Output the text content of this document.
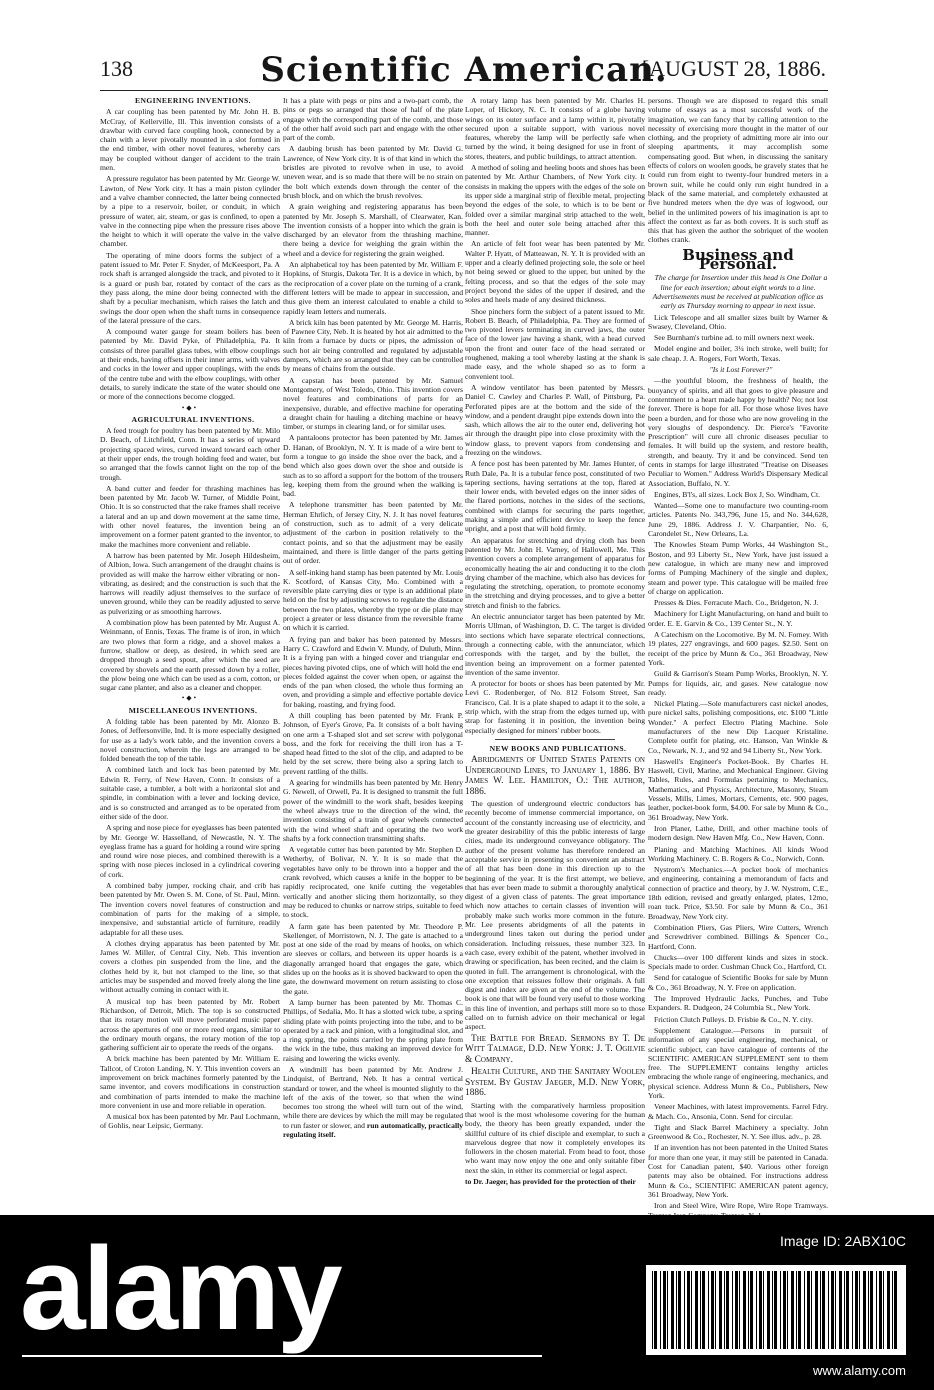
138	Scientific American.
[AUGUST 28, 1886.

ENGINEERING INVENTIONS.

A car coupling has been patented by Mr. John H. B. McCray, of Kellerville, Ill. This invention consists of a drawbar with curved face coupling hook, connected by a chain with a lever pivotally mounted in a slot formed in the end timber, with other novel features, whereby cars may be coupled without danger of accident to the train men.

A pressure regulator has been patented by Mr. George W. Lawton, of New York city. It has a main piston cylinder and a valve chamber connected, the latter being connected by a pipe to a reservoir, boiler, or conduit, in which pressure of water, air, steam, or gas is confined, to open a valve in the connecting pipe when the pressure rises above the height to which it will operate the valve in the valve chamber.

The operating of mine doors forms the subject of a patent issued to Mr. Peter F. Snyder, of McKeesport, Pa. A rock shaft is arranged alongside the track, and pivoted to it is a guard or push bar, rotated by contact of the cars as they pass along, the mine door being connected with the shaft by a peculiar mechanism, which raises the latch and swings the door open when the shaft turns in consequence of the lateral pressure of the cars.

A compound water gauge for steam boilers has been patented by Mr. David Pyke, of Philadelphia, Pa. It consists of three parallel glass tubes, with elbow couplings at their ends, having offsets in their inner arms, with valves and cocks in the lower and upper couplings, with the ends of the centre tube and with the elbow couplings, with other details, to surely indicate the state of the water should one or more of the connections become clogged.

•◆•

AGRICULTURAL INVENTIONS.

A feed trough for poultry has been patented by Mr. Milo D. Beach, of Litchfield, Conn. It has a series of upward projecting spaced wires, curved inward toward each other at their upper ends, the trough holding feed and water, but so arranged that the fowls cannot light on the top of the trough.

A band cutter and feeder for thrashing machines has been patented by Mr. Jacob W. Turner, of Middle Point, Ohio. It is so constructed that the rake frames shall receive a lateral and an up and down movement at the same time, with other novel features, the invention being an improvement on a former patent granted to the inventor, to make the machines more convenient and reliable.

A harrow has been patented by Mr. Joseph Hildesheim, of Albion, Iowa. Such arrangement of the draught chains is provided as will make the harrow either vibrating or non-vibrating, as desired; and the construction is such that the harrows will readily adjust themselves to the surface of uneven ground, while they can be readily adjusted to serve as pulverizing or as smoothing harrows.

A combination plow has been patented by Mr. August A. Weinmann, of Ennis, Texas. The frame is of iron, in which are two plows that form a ridge, and a shovel makes a furrow, shallow or deep, as desired, in which seed are dropped through a seed spout, after which the seed are covered by shovels and the earth pressed down by a roller, the plow being one which can be used as a corn, cotton, or sugar cane planter, and also as a cleaner and chopper.

•◆•

MISCELLANEOUS INVENTIONS.

A folding table has been patented by Mr. Alonzo B. Jones, of Jeffersonville, Ind. It is more especially designed for use as a lady's work table, and the invention covers a novel construction, wherein the legs are arranged to be folded beneath the top of the table.

A combined latch and lock has been patented by Mr. Edwin R. Ferry, of New Haven, Conn. It consists of a suitable case, a tumbler, a bolt with a horizontal slot and spindle, in combination with a lever and locking device, and is so constructed and arranged as to be operated from either side of the door.

A spring and nose piece for eyeglasses has been patented by Mr. George W. Hasselland, of Newcastle, N. Y. The eyeglass frame has a guard for holding a round wire spring and round wire nose pieces, and combined therewith is a spring with nose pieces inclosed in a cylindrical covering of cork.

A combined baby jumper, rocking chair, and crib has been patented by Mr. Owen S. M. Cone, of St. Paul, Minn. The invention covers novel features of construction and combination of parts for the making of a simple, inexpensive, and substantial article of furniture, readily adaptable for all these uses.

A clothes drying apparatus has been patented by Mr. James W. Miller, of Central City, Neb. This invention covers a clothes pin suspended from the line, and the clothes held by it, but not clamped to the line, so that articles may be suspended and moved freely along the line without actually coming in contact with it.

A musical top has been patented by Mr. Robert Richardson, of Detroit, Mich. The top is so constructed that its rotary motion will move perforated music paper across the apertures of one or more reed organs, similar to the ordinary mouth organs, the rotary motion of the top gathering sufficient air to operate the reeds of the organs.

A brick machine has been patented by Mr. William E. Tallcot, of Croton Landing, N. Y. This invention covers an improvement on brick machines formerly patented by the same inventor, and covers modifications in construction and combination of parts intended to make the machine more convenient in use and more reliable in operation.

A musical box has been patented by Mr. Paul Lochmann, of Gohlis, near Leipsic, Germany.

It has a plate with pegs or pins and a two-part comb, the pins or pegs so arranged that those of half of the plate engage with the corresponding part of the comb, and those of the other half avoid such part and engage with the other part of the comb.

A daubing brush has been patented by Mr. David G. Lawrence, of New York city. It is of that kind in which the bristles are pivoted to revolve when in use, to avoid uneven wear, and is so made that there will be no strain on the bolt which extends down through the center of the brush block, and on which the brush revolves.

A grain weighing and registering apparatus has been patented by Mr. Joseph S. Marshall, of Clearwater, Kan. The invention consists of a hopper into which the grain is discharged by an elevator from the thrashing machine, there being a device for weighing the grain within the wheel and a device for registering the grain weighed.

An alphabetical toy has been patented by Mr. William F. Hopkins, of Sturgis, Dakota Ter. It is a device in which, by the reciprocation of a cover plate on the turning of a crank, different letters will be made to appear in succession, and thus give them an interest calculated to enable a child to rapidly learn letters and numerals.

A brick kiln has been patented by Mr. George M. Harris, of Pawnee City, Neb. It is heated by hot air admitted to the kiln from a furnace by ducts or pipes, the admission of such hot air being controlled and regulated by adjustable dampers, which are so arranged that they can be controlled by means of chains from the outside.

A capstan has been patented by Mr. Samuel Montgomery, of West Toledo, Ohio. This invention covers novel features and combinations of parts for an inexpensive, durable, and effective machine for operating a draught chain for hauling a ditching machine or heavy timber, or stumps in clearing land, or for similar uses.

A pantaloons protector has been patented by Mr. James D. Hanan, of Brooklyn, N. Y. It is made of a wire bent to form a tongue to go inside the shoe over the back, and a bend which also goes down over the shoe and outside is such as to so afford a support for the bottom of the trousers leg, keeping them from the ground when the walking is bad.

A telephone transmitter has been patented by Mr. Herman Ehrlich, of Jersey City, N. J. It has novel features of construction, such as to admit of a very delicate adjustment of the carbon in position relatively to the contact points, and so that the adjustment may be easily maintained, and there is little danger of the parts getting out of order.

A self-inking hand stamp has been patented by Mr. Louis K. Scotford, of Kansas City, Mo. Combined with a reversible plate carrying dies or type is an additional plate held on the frst by adjusting screws to regulate the distance between the two plates, whereby the type or die plate may project a greater or less distance from the reversible frame on which it is carried.

A frying pan and baker has been patented by Messrs. Harry C. Crawford and Edwin V. Mundy, of Duluth, Minn. It is a frying pan with a hinged cover and triangular end pieces having pivoted clips, one of which will hold the end pieces folded against the cover when open, or against the ends of the pan when closed, the whole thus forming an oven, and providing a simple and effective portable device for baking, roasting, and frying food.

A thill coupling has been patented by Mr. Frank P. Johnson, of Eyer's Grove, Pa. It consists of a bolt having on one arm a T-shaped slot and set screw with polygonal boss, and the fork for receiving the thill iron has a T-shaped head fitted to the slot of the clip, and adapted to be held by the set screw, there being also a spring latch to prevent rattling of the thills.

A gearing for windmills has been patented by Mr. Henry G. Newell, of Orwell, Pa. It is designed to transmit the full power of the windmill to the work shaft, besides keeping the wheel always true to the direction of the wind, the invention consisting of a train of gear wheels connected with the wind wheel shaft and operating the two work shafts by a fork connection transmitting shafts.

A vegetable cutter has been patented by Mr. Stephen D. Wetherby, of Bolivar, N. Y. It is so made that the vegetables have only to be thrown into a hopper and the crank revolved, which causes a knife in the hopper to be rapidly reciprocated, one knife cutting the vegetables vertically and another slicing them horizontally, so they may be reduced to chunks or narrow strips, suitable to feed to stock.

A farm gate has been patented by Mr. Theodore P. Skellenger, of Morristown, N. J. The gate is attached to a post at one side of the road by means of hooks, on which are sleeves or collars, and between its upper hoards is a diagonally arranged hoard that engages the gate, which slides up on the hooks as it is shoved backward to open the gate, the downward movement on return assisting to close the gate.

A lamp burner has been patented by Mr. Thomas C. Phillips, of Sedalia, Mo. It has a slotted wick tube, a spring sliding plate with points projecting into the tube, and to be operated by a rack and pinion, with a longitudinal slot, and a ring spring, the points carried by the spring plate from the wick in the tube, thus making an improved device for raising and lowering the wicks evenly.

A windmill has been patented by Mr. Andrew J. Lindquist, of Bertrand, Neb. It has a central vertical standard or tower, and the wheel is mounted slightly to the left of the axis of the tower, so that when the wind becomes too strong the wheel will turn out of the wind, while there are devices by which the mill may be regulated to run faster or slower, and run automatically, practically regulating itself.

A rotary lamp has been patented by Mr. Charles H. Loper, of Hickory, N. C. It consists of a globe having wings on its outer surface and a lamp within it, pivotally secured upon a suitable support, with various novel features, whereby the lamp will be perfectly safe when turned by the wind, it being designed for use in front of stores, theaters, and public buildings, to attract attention.

A method of soling and heeling boots and shoes has been patented by Mr. Arthur Chambers, of New York city. It consists in making the uppers with the edges of the sole on its upper side a marginal strip of flexible metal, projecting beyond the edges of the sole, to which is to be bent or folded over a similar marginal strip attached to the welt, both the heel and outer sole being attached after this manner.

An article of felt foot wear has been patented by Mr. Walter P. Hyatt, of Matteawan, N. Y. It is provided with an upper and a clearly defined projecting sole, the sole or heel not being sewed or glued to the upper, but united by the felting process, and so that the edges of the sole may project beyond the sides of the upper if desired, and the soles and heels made of any desired thickness.

Shoe pinchers form the subject of a patent issued to Mr. Robert B. Beach, of Philadelphia, Pa. They are formed of two pivoted levers terminating in curved jaws, the outer face of the lower jaw having a shank, with a head curved upon the front and outer face of the head serrated or roughened, making a tool whereby lasting at the shank is made easy, and the whole shaped so as to form a convenient tool.

A window ventilator has been patented by Messrs. Daniel C. Cawley and Charles P. Wall, of Pittsburg, Pa. Perforated pipes are at the bottom and the side of the window, and a pendent draught pipe extends down into the sash, which allows the air to the outer end, delivering hot air through the draught pipe into close proximity with the window glass, to prevent vapors from condensing and freezing on the windows.

A fence post has been patented by Mr. James Hunter, of Ruth Dale, Pa. It is a tubular fence post, constituted of two tapering sections, having serrations at the top, flared at their lower ends, with beveled edges on the inner sides of the flared portions, notches in the sides of the sections, combined with clamps for securing the parts together, making a simple and efficient device to keep the fence upright, and a post that will hold firmly.

An apparatus for stretching and drying cloth has been patented by Mr. John H. Varney, of Hallowell, Me. This invention covers a complete arrangement of apparatus for economically heating the air and conducting it to the cloth drying chamber of the machine, which also has devices for regulating the stretching, operation, to promote economy in the stretching and drying processes, and to give a better stretch and finish to the fabrics.

An electric annunciator target has been patented by Mr. Morris Ullman, of Washington, D. C. The target is divided into sections which have separate electrical connections, through a connecting cable, with the annunciator, which corresponds with the target, and by the bullet, the invention being an improvement on a former patented invention of the same inventor.

A protector for boots or shoes has been patented by Mr. Levi C. Rodenberger, of No. 812 Folsom Street, San Francisco, Cal. It is a plate shaped to adapt it to the sole, a strip which, with the strap from the edges turned up, with strap for fastening it in position, the invention being especially designed for miners' rubber boots.

NEW BOOKS AND PUBLICATIONS.

Abridgments of United States Patents on Underground Lines, to January 1, 1886. By James W. Lee. Hamilton, O.: The author, 1886.

The question of underground electric conductors has recently become of immense commercial importance, on account of the constantly increasing use of electricity, and the greater desirability of this the public interests of large cities, made its underground conveyance obligatory. The author of the present volume has therefore rendered an acceptable service in presenting so convenient an abstract of all that has been done in this direction up to the beginning of the year. It is the first attempt, we believe, that has ever been made to submit a thoroughly analytical digest of a given class of patents. The great importance which now attaches to certain classes of invention will probably make such works more common in the future. Mr. Lee presents abridgments of all the patents in underground lines taken out during the period under consideration. Including reissues, these number 323. In each case, every exhibit of the patent, whether involved in drawing or specification, has been recited, and the claim is quoted in full. The arrangement is chronological, with the one exception that reissues follow their originals. A full digest and index are given at the end of the volume. The book is one that will be found very useful to those working in this line of invention, and perhaps still more so to those called on to furnish advice on their mechanical or legal aspect.

The Battle for Bread. Sermons by T. De Witt Talmage, D.D. New York: J. T. Ogilvie & Company.

Health Culture, and the Sanitary Woolen System. By Gustav Jaeger, M.D. New York, 1886.

Starting with the comparatively harmless proposition that wool is the most wholesome covering for the human body, the theory has been greatly expanded, under the skillful culture of its chief disciple and exemplar, to such a marvelous degree that now it completely envelopes its followers in the chosen material. From head to foot, those who want may now enjoy the one and only suitable fiber next the skin, in either its commercial or legal aspect.

to Dr. Jaeger, has provided for the protection of their

persons. Though we are disposed to regard this small volume of essays as a most successful work of the imagination, we can fancy that by calling attention to the necessity of exercising more thought in the matter of our clothing, and the propriety of admitting more air into our sleeping apartments, it may accomplish some compensating good. But when, in discussing the sanitary effects of colors on woolen goods, he gravely states that he could run from eight to twenty-four hundred meters in a brown suit, while he could only run eight hundred in a black of the same material, and completely exhausted at five hundred meters when the dye was of logwood, our belief in the unlimited powers of his imagination is apt to affect the context as far as both covers. It is such stuff as this that has given the author the sobriquet of the woolen clothes crank.

Business and Personal.

The charge for Insertion under this head is One Dollar a line for each insertion; about eight words to a line. Advertisements must be received at publication office as early as Thursday morning to appear in next issue.

Lick Telescope and all smaller sizes built by Warner & Swasey, Cleveland, Ohio.

See Burnham's turbine ad. to mill owners next week.

Model engine and boiler, 3¼ inch stroke, well built; for sale cheap. J. A. Rogers, Fort Worth, Texas.

"Is it Lost Forever?"

—the youthful bloom, the freshness of health, the buoyancy of spirits, and all that goes to give pleasure and contentment to a heart made happy by health? No; not lost forever. There is hope for all. For those whose lives have been a burden, and for those who are now groveling in the very sloughs of despondency. Dr. Pierce's "Favorite Prescription" will cure all chronic diseases peculiar to females. It will build up the system, and restore health, strength, and beauty. Try it and be convinced. Send ten cents in stamps for large illustrated "Treatise on Diseases Peculiar to Women." Address World's Dispensary Medical Association, Buffalo, N. Y.

Engines, B'l's, all sizes. Lock Box J, So. Windham, Ct.

Wanted—Some one to manufacture two counting-room articles. Patents No. 343,796, June 15, and No. 344,628, June 29, 1886. Address J. V. Charpantier, No. 6, Carondelet St., New Orleans, La.

The Knowles Steam Pump Works, 44 Washington St., Boston, and 93 Liberty St., New York, have just issued a new catalogue, in which are many new and improved forms of Pumping Machinery of the single and duplex, steam and power type. This catalogue will be mailed free of charge on application.

Presses & Dies. Ferracute Mach. Co., Bridgeton, N. J.

Machinery for Light Manufacturing, on hand and built to order. E. E. Garvin & Co., 139 Center St., N. Y.

A Catechism on the Locomotive. By M. N. Forney. With 19 plates, 227 engravings, and 600 pages. $2.50. Sent on receipt of the price by Munn & Co., 361 Broadway, New York.

Guild & Garrison's Steam Pump Works, Brooklyn, N. Y. Pumps for liquids, air, and gases. New catalogue now ready.

Nickel Plating.—Sole manufacturers cast nickel anodes, pure nickel salts, polishing compositions, etc. $100 "Little Wonder." A perfect Electro Plating Machine. Sole manufacturers of the new Dip Lacquer Kristaline. Complete outfit for plating, etc. Hanson, Van Winkle & Co., Newark, N. J., and 92 and 94 Liberty St., New York.

Haswell's Engineer's Pocket-Book. By Charles H. Haswell, Civil, Marine, and Mechanical Engineer. Giving Tables, Rules, and Formulas pertaining to Mechanics, Mathematics, and Physics, Architecture, Masonry, Steam Vessels, Mills, Limes, Mortars, Cements, etc. 900 pages, leather, pocket-book form, $4.00. For sale by Munn & Co., 361 Broadway, New York.

Iron Planer, Lathe, Drill, and other machine tools of modern design. New Haven Mfg. Co., New Haven, Conn.

Planing and Matching Machines. All kinds Wood Working Machinery. C. B. Rogers & Co., Norwich, Conn.

Nystrom's Mechanics.—A pocket book of mechanics and engineering, containing a memorandum of facts and connection of practice and theory, by J. W. Nystrom, C.E., 18th edition, revised and greatly enlarged, plates, 12mo, roan tuck. Price, $3.50. For sale by Munn & Co., 361 Broadway, New York city.

Combination Pliers, Gas Pliers, Wire Cutters, Wrench and Screwdriver combined. Billings & Spencer Co., Hartford, Conn.

Chucks—over 100 different kinds and sizes in stock. Specials made to order. Cushman Chuck Co., Hartford, Ct.

Send for catalogue of Scientific Books for sale by Munn & Co., 361 Broadway, N. Y. Free on application.

The Improved Hydraulic Jacks, Punches, and Tube Expanders. R. Dudgeon, 24 Columbia St., New York.

Friction Clutch Pulleys. D. Frisbie & Co., N. Y. city.

Supplement Catalogue.—Persons in pursuit of information of any special engineering, mechanical, or scientific subject, can have catalogue of contents of the SCIENTIFIC AMERICAN SUPPLEMENT sent to them free. The SUPPLEMENT contains lengthy articles embracing the whole range of engineering, mechanics, and physical science. Address Munn & Co., Publishers, New York.

Veneer Machines, with latest improvements. Farrel Fdry. & Mach. Co., Ansonia, Conn. Send for circular.

Tight and Slack Barrel Machinery a specialty. John Greenwood & Co., Rochester, N. Y. See illus. adv., p. 28.

If an invention has not been patented in the United States for more than one year, it may still be patented in Canada. Cost for Canadian patent, $40. Various other foreign patents may also be obtained. For instructions address Munn & Co., SCIENTIFIC AMERICAN patent agency, 361 Broadway, New York.

Iron and Steel Wire, Wire Rope, Wire Rope Tramways.

alamy	Image ID: 2ABX10C
www.alamy.com
